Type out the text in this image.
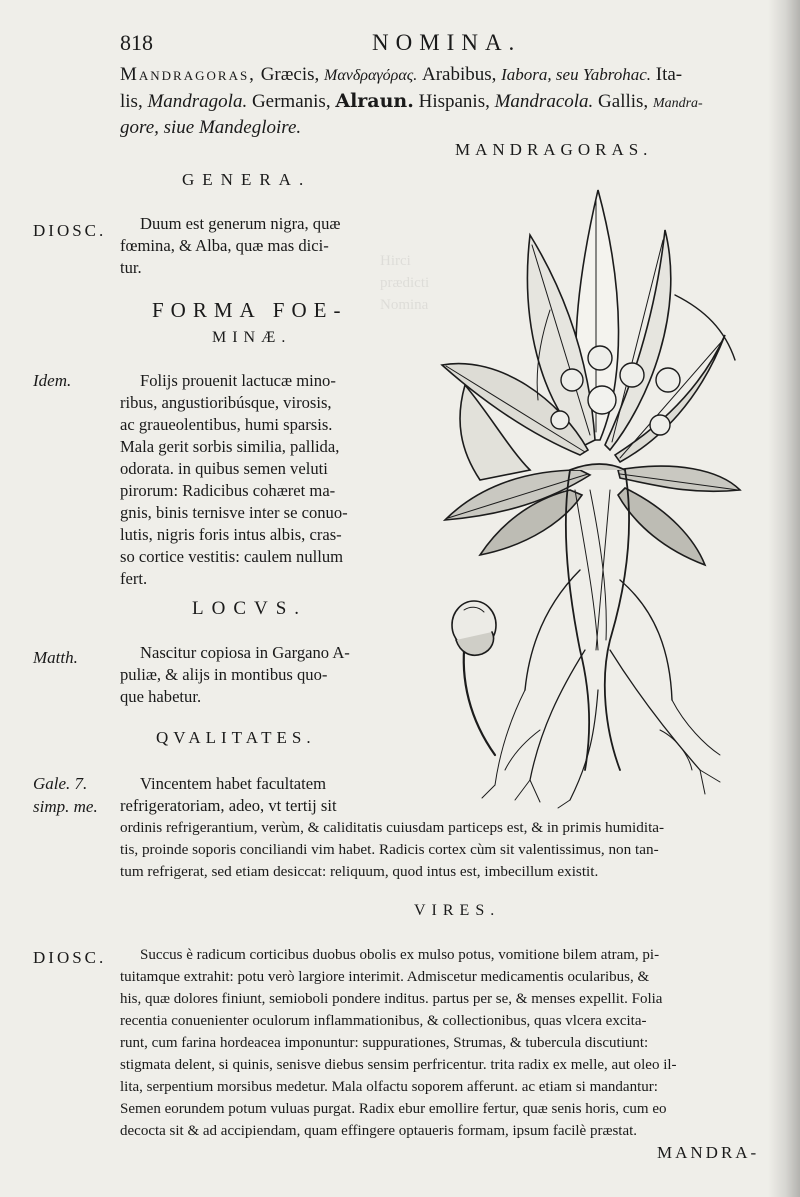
Hirci
prædicti
Nomina
818	NOMINA.
Mandragoras, Græcis, Μανδραγόρας. Arabibus, Iabora, seu Yabrohac. Ita-
lis, Mandragola. Germanis, Alraun. Hispanis, Mandracola. Gallis, Mandra-
gore, siue Mandegloire.
MANDRAGORAS.
GENERA.
DIOSC. Duum est generum nigra, quæ
fœmina, & Alba, quæ mas dici-
tur.
FORMA FOE-
MINÆ.
Idem.	Folijs prouenit lactucæ mino-
ribus, angustioribúsque, virosis,
ac graueolentibus, humi sparsis.
Mala gerit sorbis similia, pallida,
odorata. in quibus semen veluti
pirorum: Radicibus cohæret ma-
gnis, binis ternisve inter se conuo-
lutis, nigris foris intus albis, cras-
so cortice vestitis: caulem nullum
fert.
LOCVS.
Matth.	Nascitur copiosa in Gargano A-
puliæ, & alijs in montibus quo-
que habetur.
QVALITATES.
Gale. 7.
simp. me.
Vincentem habet facultatem
refrigeratoriam, adeo, vt tertij sit
ordinis refrigerantium, verùm, & caliditatis cuiusdam particeps est, & in primis humidita-
tis, proinde soporis conciliandi vim habet. Radicis cortex cùm sit valentissimus, non tan-
tum refrigerat, sed etiam desiccat: reliquum, quod intus est, imbecillum existit.
VIRES.
DIOSC. Succus è radicum corticibus duobus obolis ex mulso potus, vomitione bilem atram, pi-
tuitamque extrahit: potu verò largiore interimit. Admiscetur medicamentis ocularibus, &
his, quæ dolores finiunt, semioboli pondere inditus. partus per se, & menses expellit. Folia
recentia conuenienter oculorum inflammationibus, & collectionibus, quas vlcera excita-
runt, cum farina hordeacea imponuntur: suppurationes, Strumas, & tubercula discutiunt:
stigmata delent, si quinis, senisve diebus sensim perfricentur. trita radix ex melle, aut oleo il-
lita, serpentium morsibus medetur. Mala olfactu soporem afferunt. ac etiam si mandantur:
Semen eorundem potum vuluas purgat. Radix ebur emollire fertur, quæ senis horis, cum eo
decocta sit & ad accipiendam, quam effingere optaueris formam, ipsum facilè præstat.
MANDRA-
